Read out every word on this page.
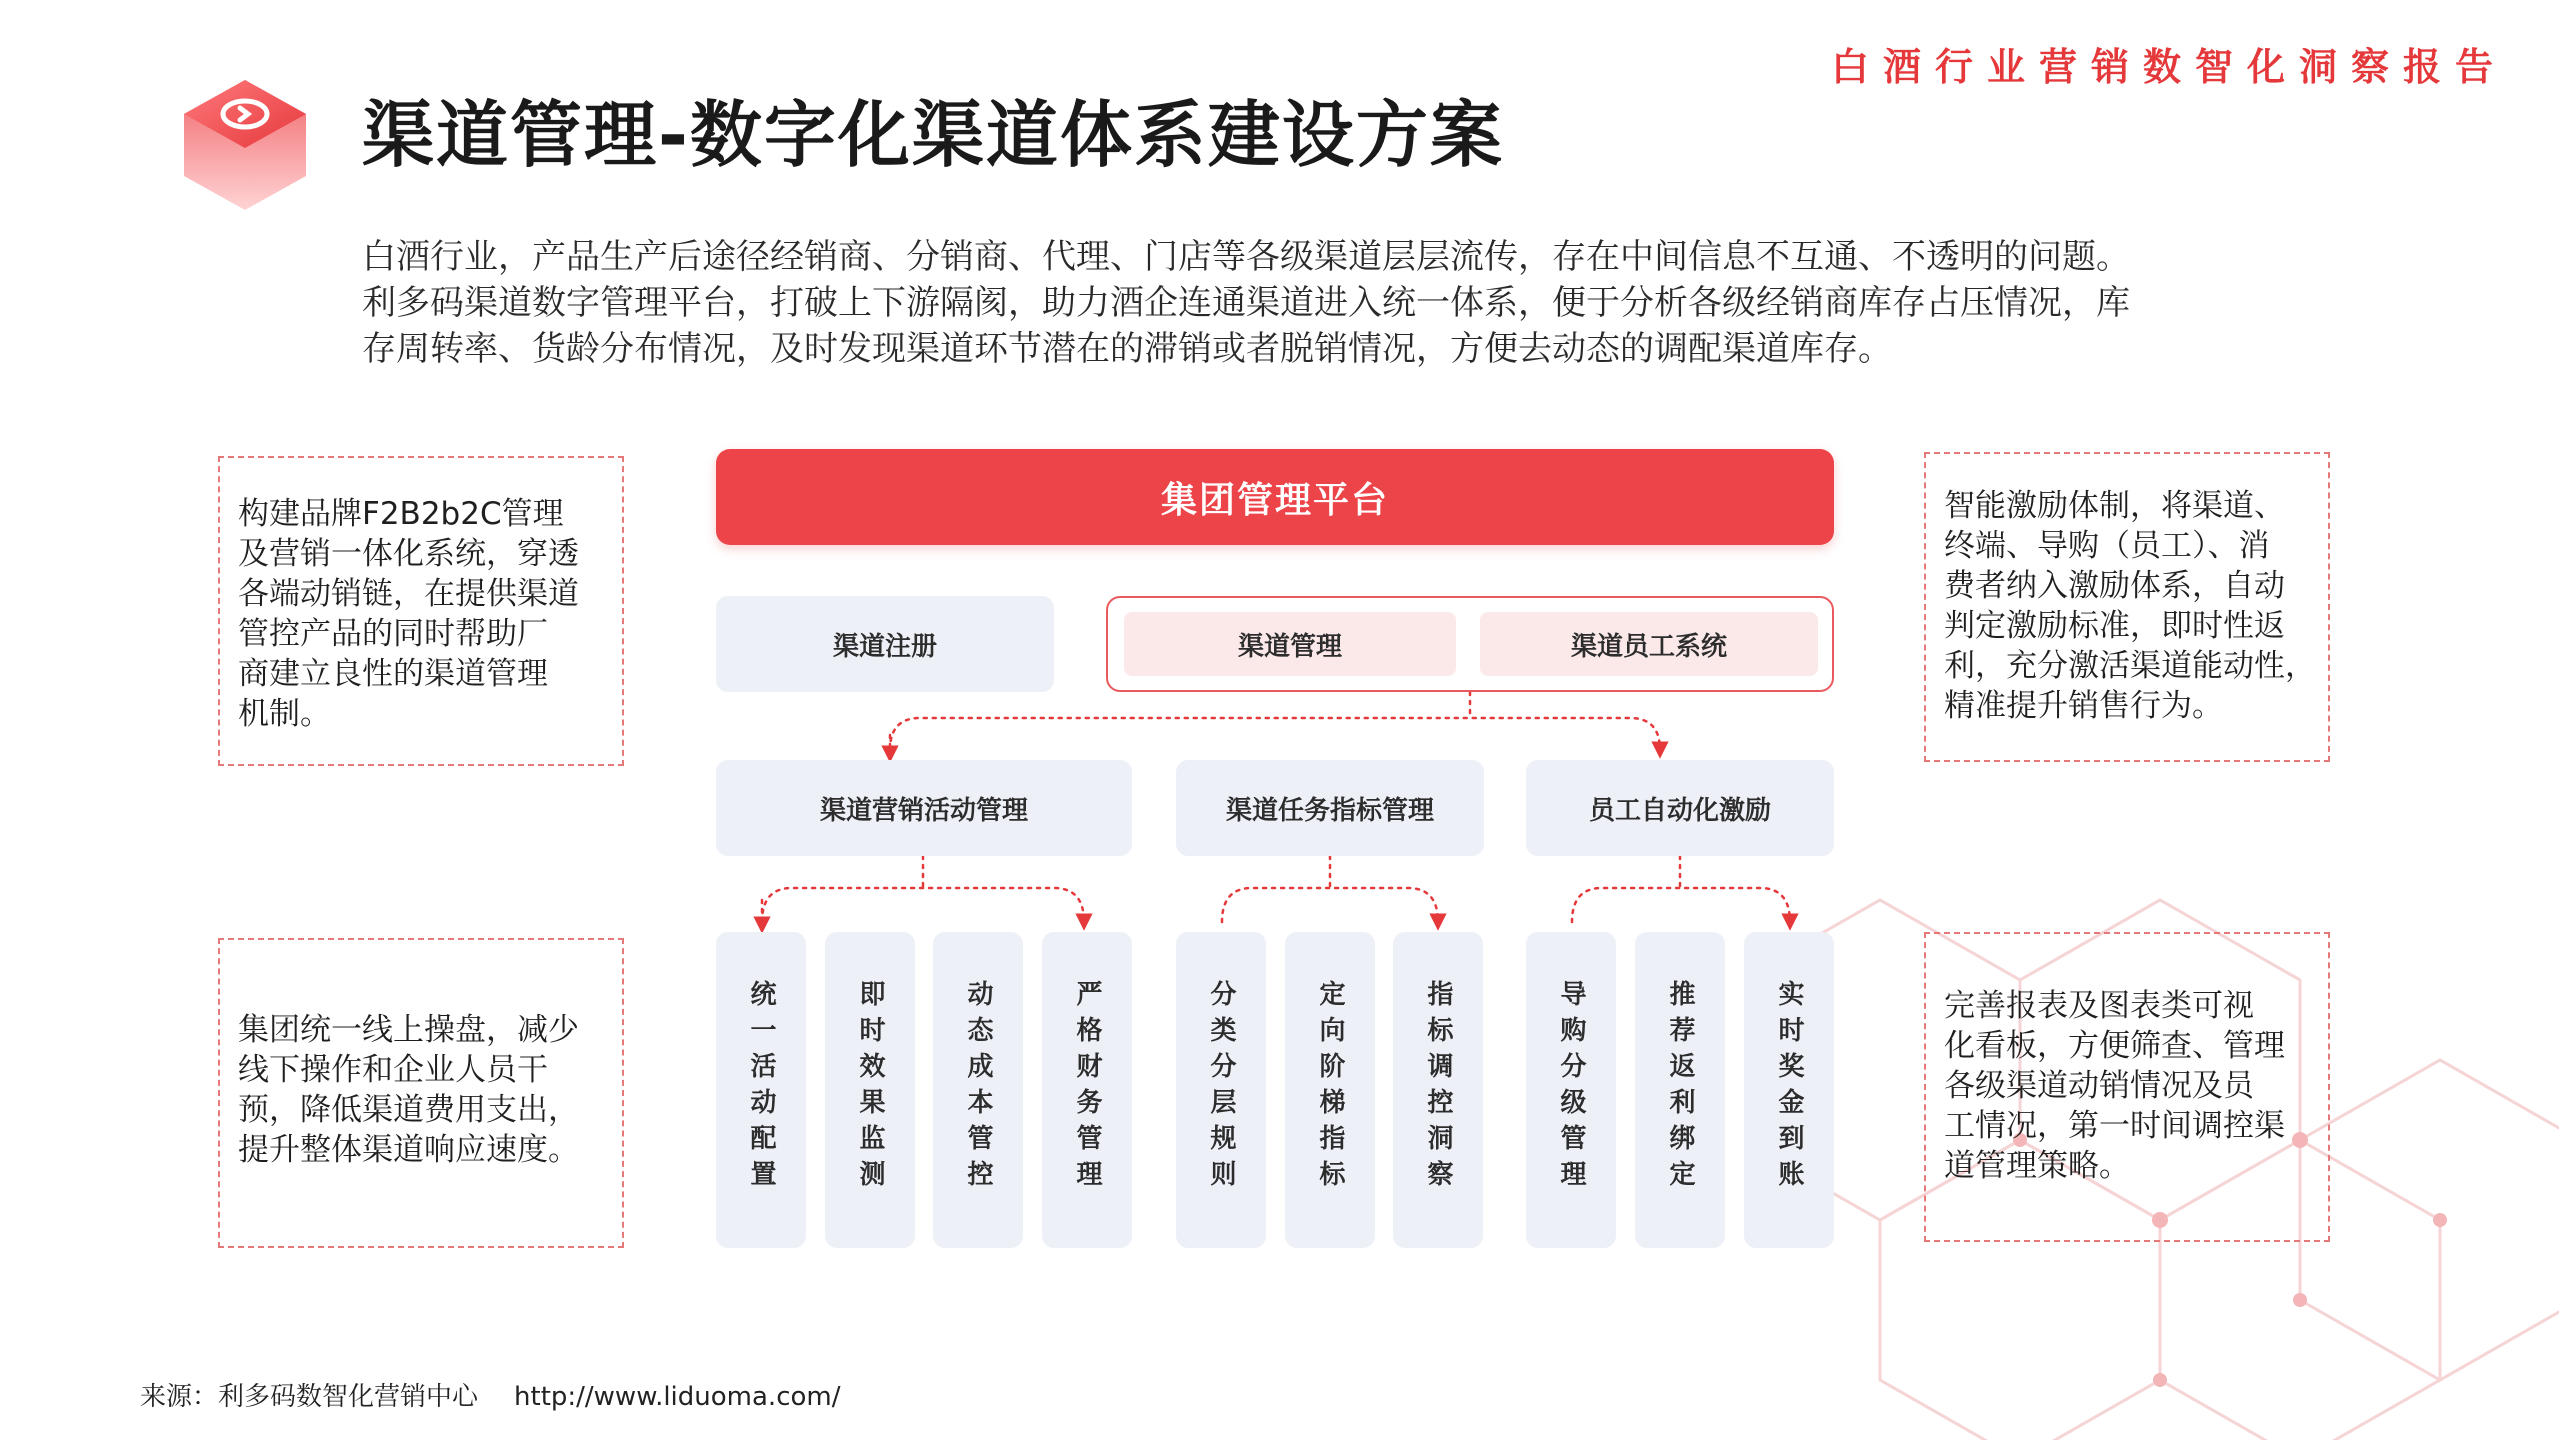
白酒行业营销数智化洞察报告
渠道管理-数字化渠道体系建设方案

白酒行业，产品生产后途径经销商、分销商、代理、门店等各级渠道层层流传，存在中间信息不互通、不透明的问题。

利多码渠道数字管理平台，打破上下游隔阂，助力酒企连通渠道进入统一体系，便于分析各级经销商库存占压情况，库

存周转率、货龄分布情况，及时发现渠道环节潜在的滞销或者脱销情况，方便去动态的调配渠道库存。

构建品牌F2B2b2C管理

及营销一体化系统，穿透

各端动销链，在提供渠道

管控产品的同时帮助厂

商建立良性的渠道管理

机制。

集团统一线上操盘，减少

线下操作和企业人员干

预，降低渠道费用支出，

提升整体渠道响应速度。

智能激励体制，将渠道、

终端、导购（员工）、消

费者纳入激励体系，自动

判定激励标准，即时性返

利，充分激活渠道能动性，

精准提升销售行为。

完善报表及图表类可视

化看板，方便筛查、管理

各级渠道动销情况及员

工情况，第一时间调控渠

道管理策略。

集团管理平台
渠道注册	渠道管理	渠道员工系统
渠道营销活动管理	渠道任务指标管理	员工自动化激励
统一活动配置	即时效果监测	动态成本管控	严格财务管理	分类分层规则	定向阶梯指标	指标调控洞察	导购分级管理	推荐返利绑定	实时奖金到账
来源：利多码数智化营销中心 http://www.liduoma.com/
